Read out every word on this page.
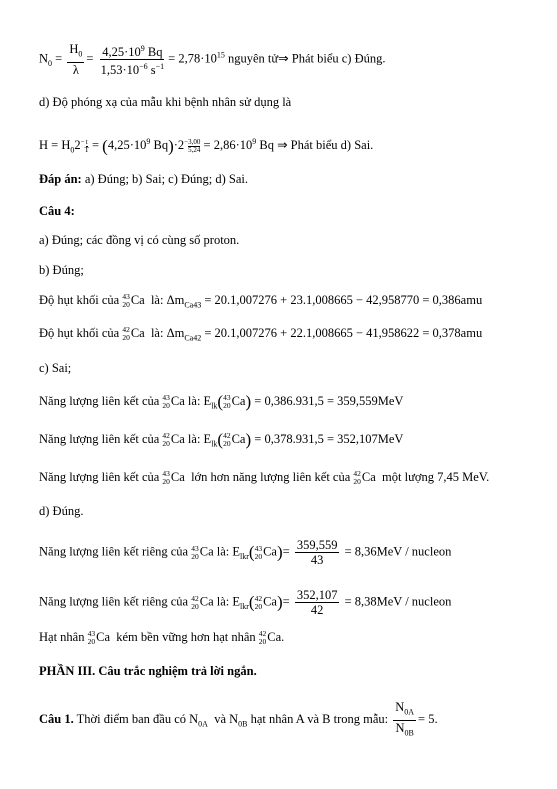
$N_0 = \frac{H_0}{\lambda} = \frac{4,25\cdot 10^9 Bq}{1,53\cdot 10^{-6} s^{-1}} = 2,78\cdot 10^{15}$ nguyên tử⇒ Phát biểu c) Đúng.
d) Độ phóng xạ của mẫu khi bệnh nhân sử dụng là
$H = H_02 - \frac{t}{T} = (4,25\cdot 10^9$ $Bq)\cdot 2 - \frac{3,00}{5,24} = 2,86\cdot 10^9$ Bq ⇒ Phát biểu d) Sai.
Đáp án: a) Đúng; b) Sai; c) Đúng; d) Sai.
Câu 4:
a) Đúng; các đồng vị có cùng số proton.
b) Đúng;
Độ hụt khối của 43
20 Ca  là: $\Delta m_{Ca43} = 20.1,007276 + 23.1,008665 - 42,958770 = 0,386amu$
Độ hụt khối của 42
20 Ca  là: $\Delta m_{Ca42} = 20.1,007276 + 22.1,008665 - 41,958622 = 0,378amu$
c) Sai;
Năng lượng liên kết của 43
20 Ca là: $E_{lk}$( 43
20 Ca) = 0,386.931,5 = 359,559MeV
Năng lượng liên kết của 42
20 Ca là: $E_{lk}$( 42
20 Ca) = 0,378.931,5 = 352,107MeV
Năng lượng liên kết của 43
20 Ca  lớn hơn năng lượng liên kết của 42
20 Ca  một lượng 7,45 MeV.
d) Đúng.
Năng lượng liên kết riêng của 43
20 Ca là: $E_{lkr}$( 43
20 $Ca)= \frac{359,559}{43} = 8,36MeV$ / nucleon
Năng lượng liên kết riêng của 42
20 Ca là: $E_{lkr}$( 42
20 $Ca)= \frac{352,107}{42} = 8,38MeV$ / nucleon
Hạt nhân 43
20 Ca  kém bền vững hơn hạt nhân 42
20 Ca.
PHẦN III. Câu trắc nghiệm trả lời ngắn.
Câu 1. Thời điểm ban đầu có $N_{0A}$ và $N_{0B}$ hạt nhân A và B trong mẫu: $\frac{N_{0A}}{N_{0B}} = 5$.
